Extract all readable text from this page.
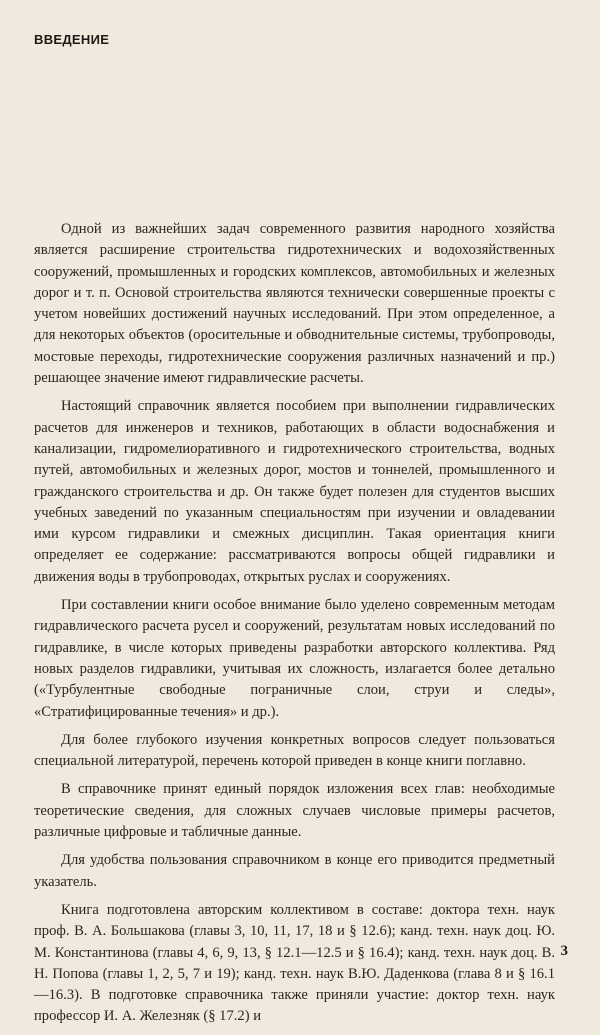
ВВЕДЕНИЕ

Одной из важнейших задач современного развития народного хозяйства является расширение строительства гидротехнических и водохозяйственных сооружений, промышленных и городских комплексов, автомобильных и железных дорог и т. п. Основой строительства являются технически совершенные проекты с учетом новейших достижений научных исследований. При этом определенное, а для некоторых объектов (оросительные и обводнительные системы, трубопроводы, мостовые переходы, гидротехнические сооружения различных назначений и пр.) решающее значение имеют гидравлические расчеты.

Настоящий справочник является пособием при выполнении гидравлических расчетов для инженеров и техников, работающих в области водоснабжения и канализации, гидромелиоративного и гидротехнического строительства, водных путей, автомобильных и железных дорог, мостов и тоннелей, промышленного и гражданского строительства и др. Он также будет полезен для студентов высших учебных заведений по указанным специальностям при изучении и овладевании ими курсом гидравлики и смежных дисциплин. Такая ориентация книги определяет ее содержание: рассматриваются вопросы общей гидравлики и движения воды в трубопроводах, открытых руслах и сооружениях.

При составлении книги особое внимание было уделено современным методам гидравлического расчета русел и сооружений, результатам новых исследований по гидравлике, в числе которых приведены разработки авторского коллектива. Ряд новых разделов гидравлики, учитывая их сложность, излагается более детально («Турбулентные свободные пограничные слои, струи и следы», «Стратифицированные течения» и др.).

Для более глубокого изучения конкретных вопросов следует пользоваться специальной литературой, перечень которой приведен в конце книги поглавно.

В справочнике принят единый порядок изложения всех глав: необходимые теоретические сведения, для сложных случаев числовые примеры расчетов, различные цифровые и табличные данные.

Для удобства пользования справочником в конце его приводится предметный указатель.

Книга подготовлена авторским коллективом в составе: доктора техн. наук проф. В. А. Большакова (главы 3, 10, 11, 17, 18 и § 12.6); канд. техн. наук доц. Ю. М. Константинова (главы 4, 6, 9, 13, § 12.1—12.5 и § 16.4); канд. техн. наук доц. В. Н. Попова (главы 1, 2, 5, 7 и 19); канд. техн. наук В.Ю. Даденкова (глава 8 и § 16.1—16.3). В подготовке справочника также приняли участие: доктор техн. наук профессор И. А. Железняк (§ 17.2) и

3
